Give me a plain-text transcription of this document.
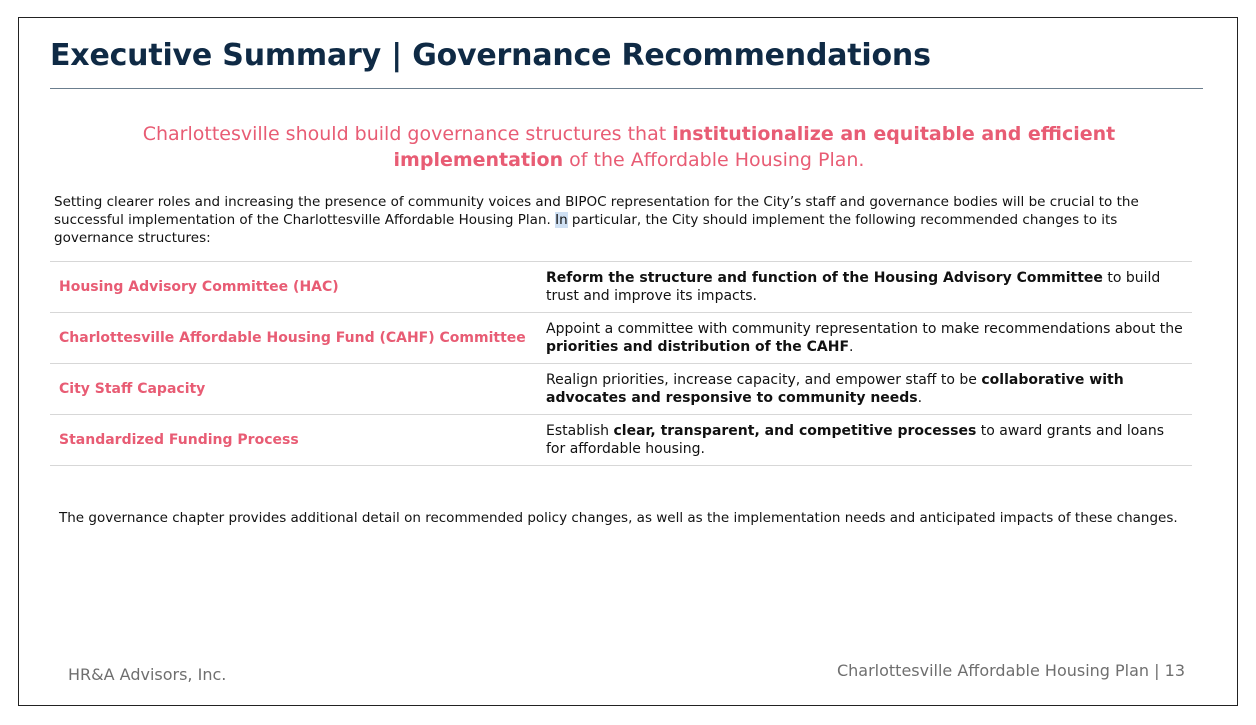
Executive Summary | Governance Recommendations
Charlottesville should build governance structures that institutionalize an equitable and efficient implementation of the Affordable Housing Plan.
Setting clearer roles and increasing the presence of community voices and BIPOC representation for the City’s staff and governance bodies will be crucial to the successful implementation of the Charlottesville Affordable Housing Plan. In particular, the City should implement the following recommended changes to its governance structures:
Housing Advisory Committee (HAC)
Reform the structure and function of the Housing Advisory Committee to build trust and improve its impacts.
Charlottesville Affordable Housing Fund (CAHF) Committee
Appoint a committee with community representation to make recommendations about the priorities and distribution of the CAHF.
City Staff Capacity
Realign priorities, increase capacity, and empower staff to be collaborative with advocates and responsive to community needs.
Standardized Funding Process
Establish clear, transparent, and competitive processes to award grants and loans for affordable housing.
The governance chapter provides additional detail on recommended policy changes, as well as the implementation needs and anticipated impacts of these changes.
HR&A Advisors, Inc.	Charlottesville Affordable Housing Plan | 13
